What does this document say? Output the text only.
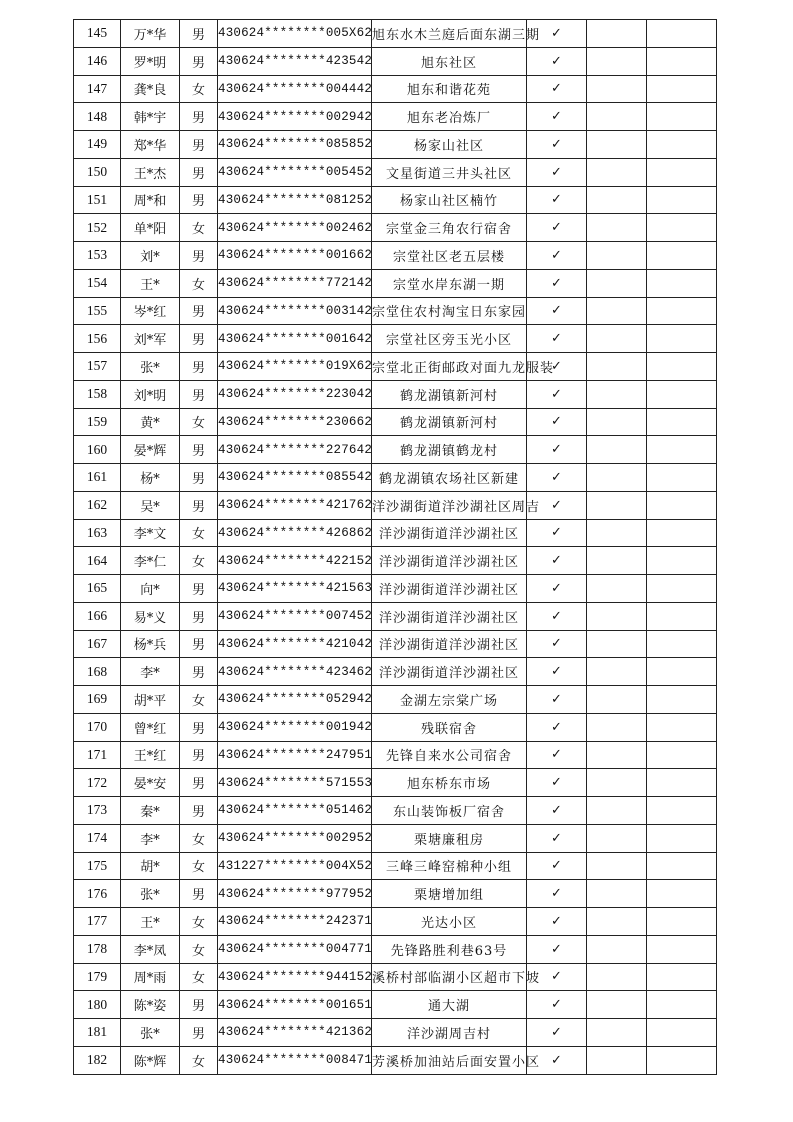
145	万*华	男	430624********005X62	旭东水木兰庭后面东湖三期	✓		
146	罗*明	男	430624********423542	旭东社区	✓		
147	龚*良	女	430624********004442	旭东和谐花苑	✓		
148	韩*宇	男	430624********002942	旭东老冶炼厂	✓		
149	郑*华	男	430624********085852	杨家山社区	✓		
150	王*杰	男	430624********005452	文星街道三井头社区	✓		
151	周*和	男	430624********081252	杨家山社区楠竹	✓		
152	单*阳	女	430624********002462	宗堂金三角农行宿舍	✓		
153	刘*	男	430624********001662	宗堂社区老五层楼	✓		
154	王*	女	430624********772142	宗堂水岸东湖一期	✓		
155	岑*红	男	430624********003142	宗堂住农村淘宝日东家园	✓		
156	刘*军	男	430624********001642	宗堂社区旁玉光小区	✓		
157	张*	男	430624********019X62	宗堂北正街邮政对面九龙服装	✓		
158	刘*明	男	430624********223042	鹤龙湖镇新河村	✓		
159	黄*	女	430624********230662	鹤龙湖镇新河村	✓		
160	晏*辉	男	430624********227642	鹤龙湖镇鹤龙村	✓		
161	杨*	男	430624********085542	鹤龙湖镇农场社区新建	✓		
162	吴*	男	430624********421762	洋沙湖街道洋沙湖社区周吉	✓		
163	李*文	女	430624********426862	洋沙湖街道洋沙湖社区	✓		
164	李*仁	女	430624********422152	洋沙湖街道洋沙湖社区	✓		
165	向*	男	430624********421563	洋沙湖街道洋沙湖社区	✓		
166	易*义	男	430624********007452	洋沙湖街道洋沙湖社区	✓		
167	杨*兵	男	430624********421042	洋沙湖街道洋沙湖社区	✓		
168	李*	男	430624********423462	洋沙湖街道洋沙湖社区	✓		
169	胡*平	女	430624********052942	金湖左宗棠广场	✓		
170	曾*红	男	430624********001942	残联宿舍	✓		
171	王*红	男	430624********247951	先锋自来水公司宿舍	✓		
172	晏*安	男	430624********571553	旭东桥东市场	✓		
173	秦*	男	430624********051462	东山装饰板厂宿舍	✓		
174	李*	女	430624********002952	栗塘廉租房	✓		
175	胡*	女	431227********004X52	三峰三峰窑棉种小组	✓		
176	张*	男	430624********977952	栗塘增加组	✓		
177	王*	女	430624********242371	光达小区	✓		
178	李*凤	女	430624********004771	先锋路胜利巷63号	✓		
179	周*雨	女	430624********944152	溪桥村部临湖小区超市下坡	✓		
180	陈*姿	男	430624********001651	通大湖	✓		
181	张*	男	430624********421362	洋沙湖周吉村	✓		
182	陈*辉	女	430624********008471	芳溪桥加油站后面安置小区	✓		
